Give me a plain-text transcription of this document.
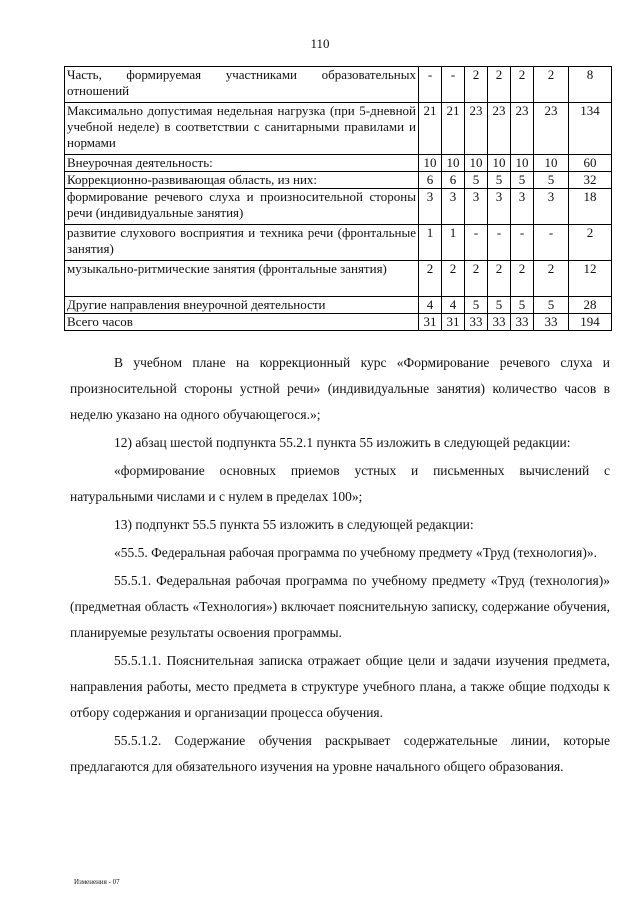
110
Часть, формируемая участниками образовательных отношений	-	-	2	2	2	2	8
Максимально допустимая недельная нагрузка (при 5-дневной учебной неделе) в соответствии с санитарными правилами и нормами	21	21	23	23	23	23	134
Внеурочная деятельность:	10	10	10	10	10	10	60
Коррекционно-развивающая область, из них:	6	6	5	5	5	5	32
формирование речевого слуха и произносительной стороны речи (индивидуальные занятия)	3	3	3	3	3	3	18
развитие слухового восприятия и техника речи (фронтальные занятия)	1	1	-	-	-	-	2
музыкально-ритмические занятия (фронтальные занятия)	2	2	2	2	2	2	12
Другие направления внеурочной деятельности	4	4	5	5	5	5	28
Всего часов	31	31	33	33	33	33	194

В учебном плане на коррекционный курс «Формирование речевого слуха и произносительной стороны устной речи» (индивидуальные занятия) количество часов в неделю указано на одного обучающегося.»;

12) абзац шестой подпункта 55.2.1 пункта 55 изложить в следующей редакции:

«формирование основных приемов устных и письменных вычислений с натуральными числами и с нулем в пределах 100»;

13) подпункт 55.5 пункта 55 изложить в следующей редакции:

«55.5. Федеральная рабочая программа по учебному предмету «Труд (технология)».

55.5.1. Федеральная рабочая программа по учебному предмету «Труд (технология)» (предметная область «Технология») включает пояснительную записку, содержание обучения, планируемые результаты освоения программы.

55.5.1.1. Пояснительная записка отражает общие цели и задачи изучения предмета, направления работы, место предмета в структуре учебного плана, а также общие подходы к отбору содержания и организации процесса обучения.

55.5.1.2. Содержание обучения раскрывает содержательные линии, которые предлагаются для обязательного изучения на уровне начального общего образования.

Изменения - 07
